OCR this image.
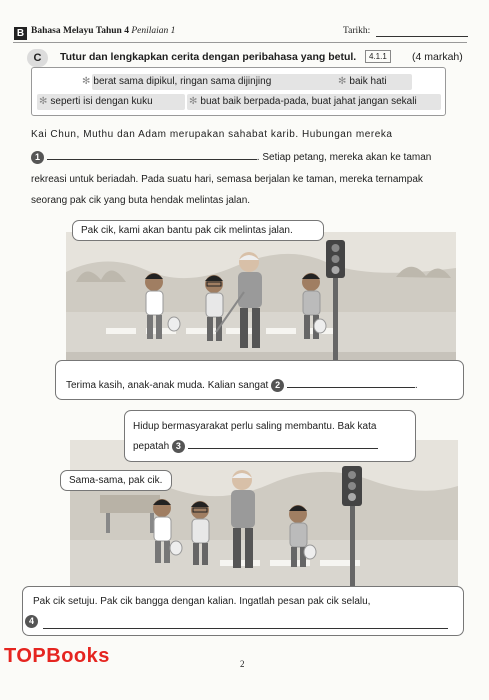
B Bahasa Melayu Tahun 4 Penilaian 1	Tarikh:
C	Tutur dan lengkapkan cerita dengan peribahasa yang betul.	4.1.1	(4 markah)
✻ berat sama dipikul, ringan sama dijinjing	✻ baik hati
✻ seperti isi dengan kuku	✻ buat baik berpada-pada, buat jahat jangan sekali
Kai Chun, Muthu dan Adam merupakan sahabat karib. Hubungan mereka
1	. Setiap petang, mereka akan ke taman
rekreasi untuk beriadah. Pada suatu hari, semasa berjalan ke taman, mereka ternampak
seorang pak cik yang buta hendak melintas jalan.
Pak cik, kami akan bantu pak cik melintas jalan.
Terima kasih, anak-anak muda. Kalian sangat 2	.
Hidup bermasyarakat perlu saling membantu. Bak kata
pepatah 3
Sama-sama, pak cik.
Pak cik setuju. Pak cik bangga dengan kalian. Ingatlah pesan pak cik selalu,
4
TOPBooks	2
